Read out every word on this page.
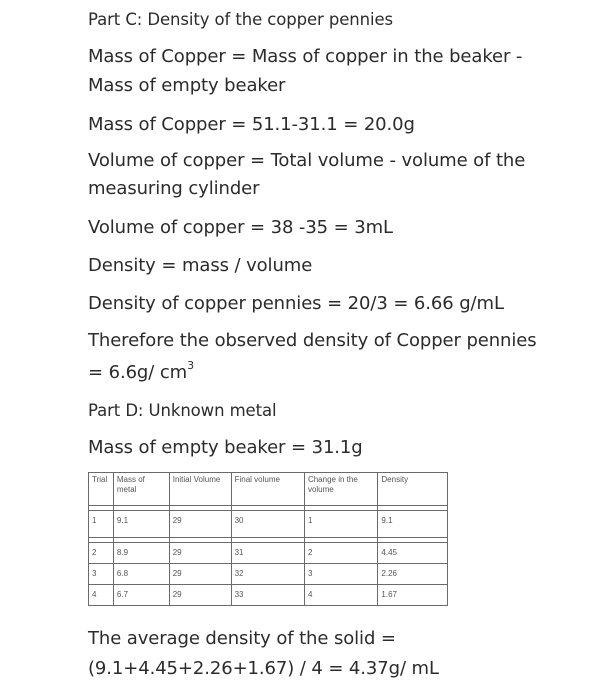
Part C: Density of the copper pennies

Mass of Copper = Mass of copper in the beaker -

Mass of empty beaker

Mass of Copper = 51.1-31.1 = 20.0g

Volume of copper = Total volume - volume of the

measuring cylinder

Volume of copper = 38 -35 = 3mL

Density = mass / volume

Density of copper pennies = 20/3 = 6.66 g/mL

Therefore the observed density of Copper pennies

= 6.6g/ $cm^3$

Part D: Unknown metal

Mass of empty beaker = 31.1g

Trial	Mass of metal	Initial Volume	Final volume	Change in the volume	Density

1	9.1	29	30	1	9.1

2	8.9	29	31	2	4.45
3	6.8	29	32	3	2.26
4	6.7	29	33	4	1.67

The average density of the solid =

(9.1+4.45+2.26+1.67) / 4 = 4.37g/ mL
